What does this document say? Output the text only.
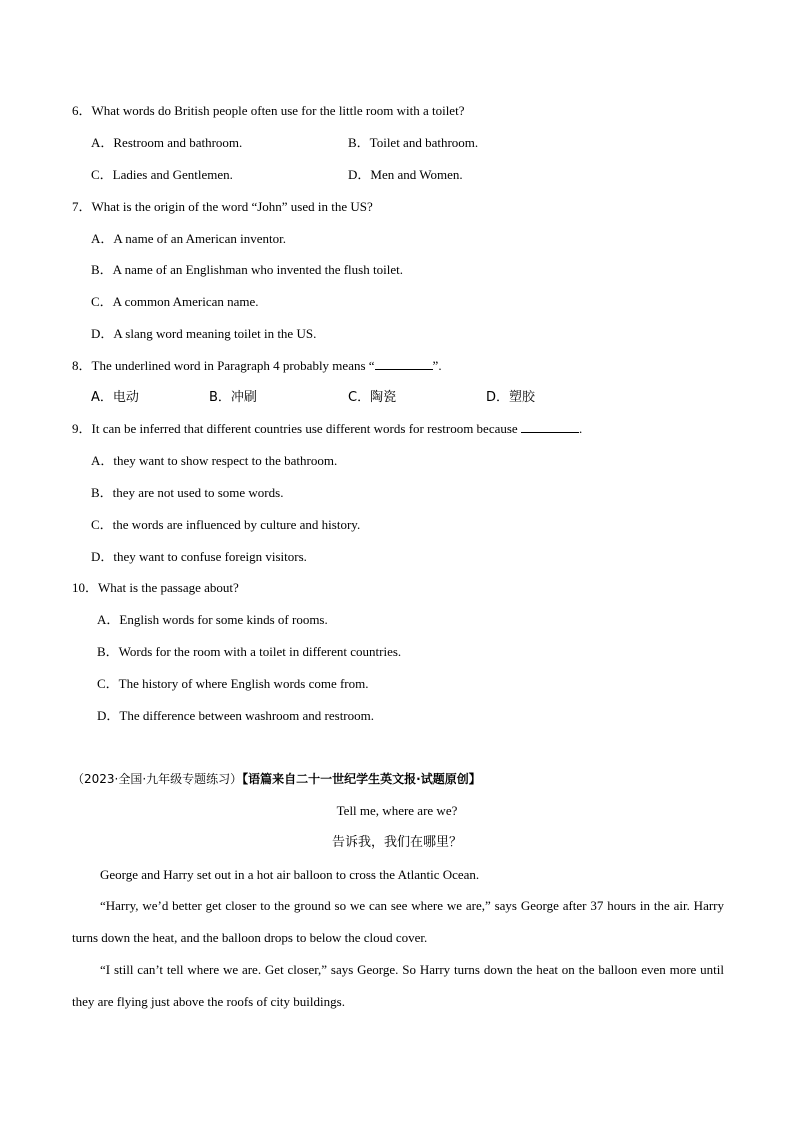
6．What words do British people often use for the little room with a toilet?
A．Restroom and bathroom.	B．Toilet and bathroom.
C．Ladies and Gentlemen.	D．Men and Women.
7．What is the origin of the word “John” used in the US?
A．A name of an American inventor.
B．A name of an Englishman who invented the flush toilet.
C．A common American name.
D．A slang word meaning toilet in the US.
8．The underlined word in Paragraph 4 probably means “	”.
A．电动	B．冲刷	C．陶瓷	D．塑胶
9．It can be inferred that different countries use different words for restroom because	.
A．they want to show respect to the bathroom.
B．they are not used to some words.
C．the words are influenced by culture and history.
D．they want to confuse foreign visitors.
10．What is the passage about?
A．English words for some kinds of rooms.
B．Words for the room with a toilet in different countries.
C．The history of where English words come from.
D．The difference between washroom and restroom.
（2023·全国·九年级专题练习）【语篇来自二十一世纪学生英文报·试题原创】
Tell me, where are we?
告诉我，我们在哪里？
George and Harry set out in a hot air balloon to cross the Atlantic Ocean.
“Harry, we’d better get closer to the ground so we can see where we are,” says George after 37 hours in the air. Harry turns down the heat, and the balloon drops to below the cloud cover.
“I still can’t tell where we are. Get closer,” says George. So Harry turns down the heat on the balloon even more until they are flying just above the roofs of city buildings.
